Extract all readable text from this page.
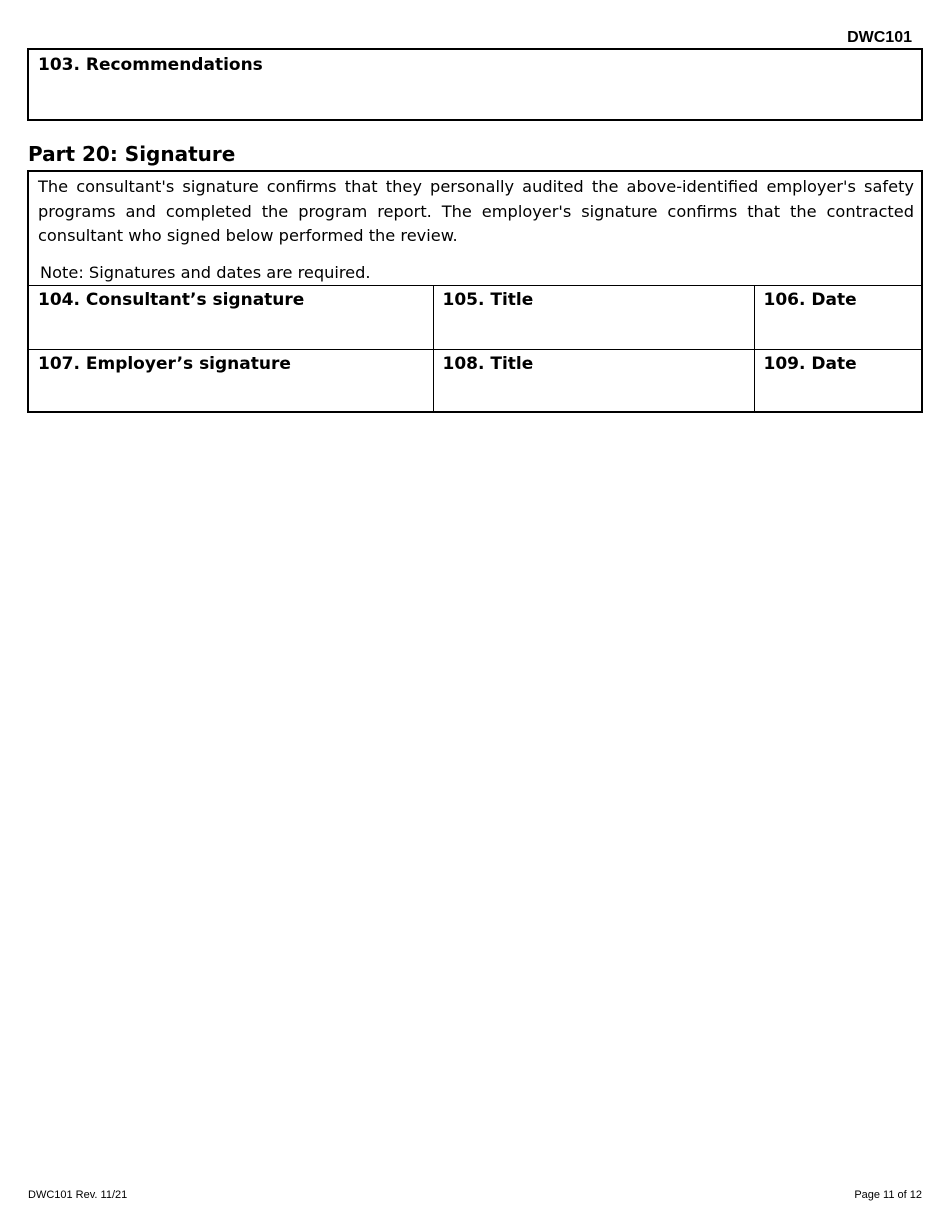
DWC101
103. Recommendations
Part 20: Signature
The consultant's signature confirms that they personally audited the above-identified employer's safety programs and completed the program report. The employer's signature confirms that the contracted consultant who signed below performed the review.
Note: Signatures and dates are required.
104. Consultant’s signature	105. Title	106. Date
107. Employer’s signature	108. Title	109. Date
DWC101 Rev. 11/21	Page 11 of 12
